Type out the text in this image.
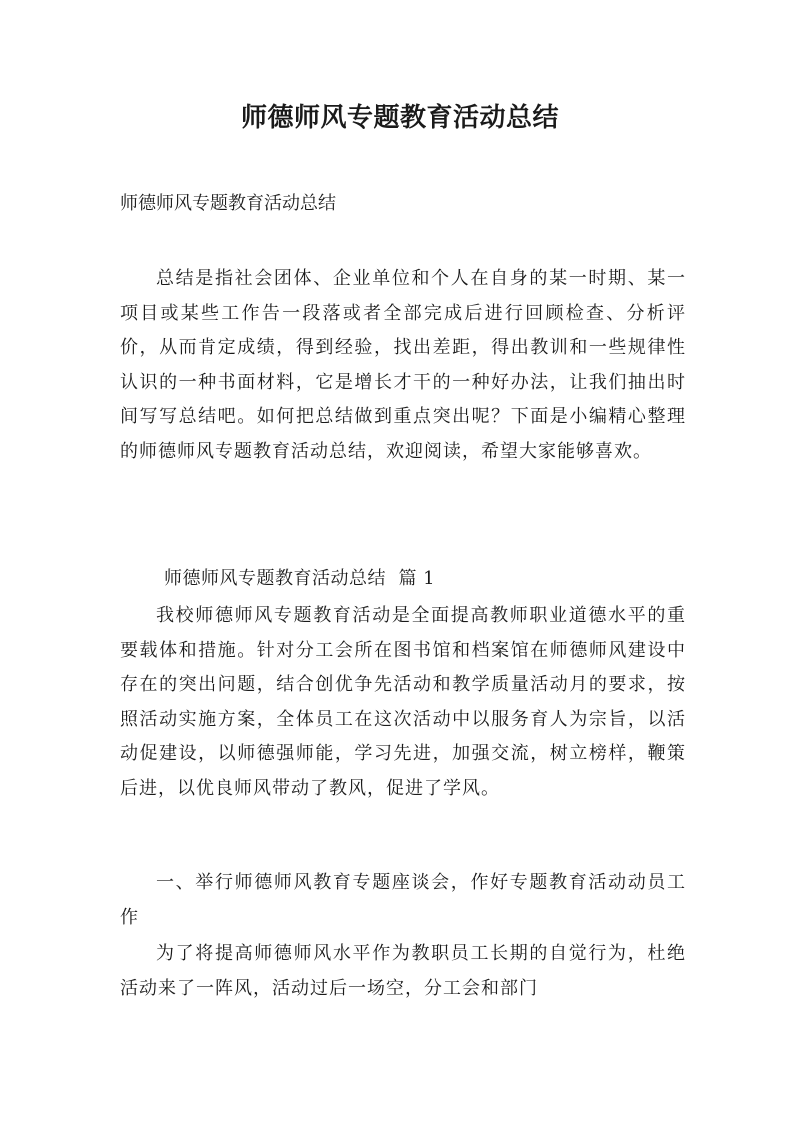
师德师风专题教育活动总结
师德师风专题教育活动总结

总结是指社会团体、企业单位和个人在自身的某一时期、某一项目或某些工作告一段落或者全部完成后进行回顾检查、分析评价，从而肯定成绩，得到经验，找出差距，得出教训和一些规律性认识的一种书面材料，它是增长才干的一种好办法，让我们抽出时间写写总结吧。如何把总结做到重点突出呢？下面是小编精心整理的师德师风专题教育活动总结，欢迎阅读，希望大家能够喜欢。

师德师风专题教育活动总结  篇 1

我校师德师风专题教育活动是全面提高教师职业道德水平的重要载体和措施。针对分工会所在图书馆和档案馆在师德师风建设中存在的突出问题，结合创优争先活动和教学质量活动月的要求，按照活动实施方案，全体员工在这次活动中以服务育人为宗旨，以活动促建设，以师德强师能，学习先进，加强交流，树立榜样，鞭策后进，以优良师风带动了教风，促进了学风。

一、举行师德师风教育专题座谈会，作好专题教育活动动员工作

为了将提高师德师风水平作为教职员工长期的自觉行为，杜绝活动来了一阵风，活动过后一场空，分工会和部门
